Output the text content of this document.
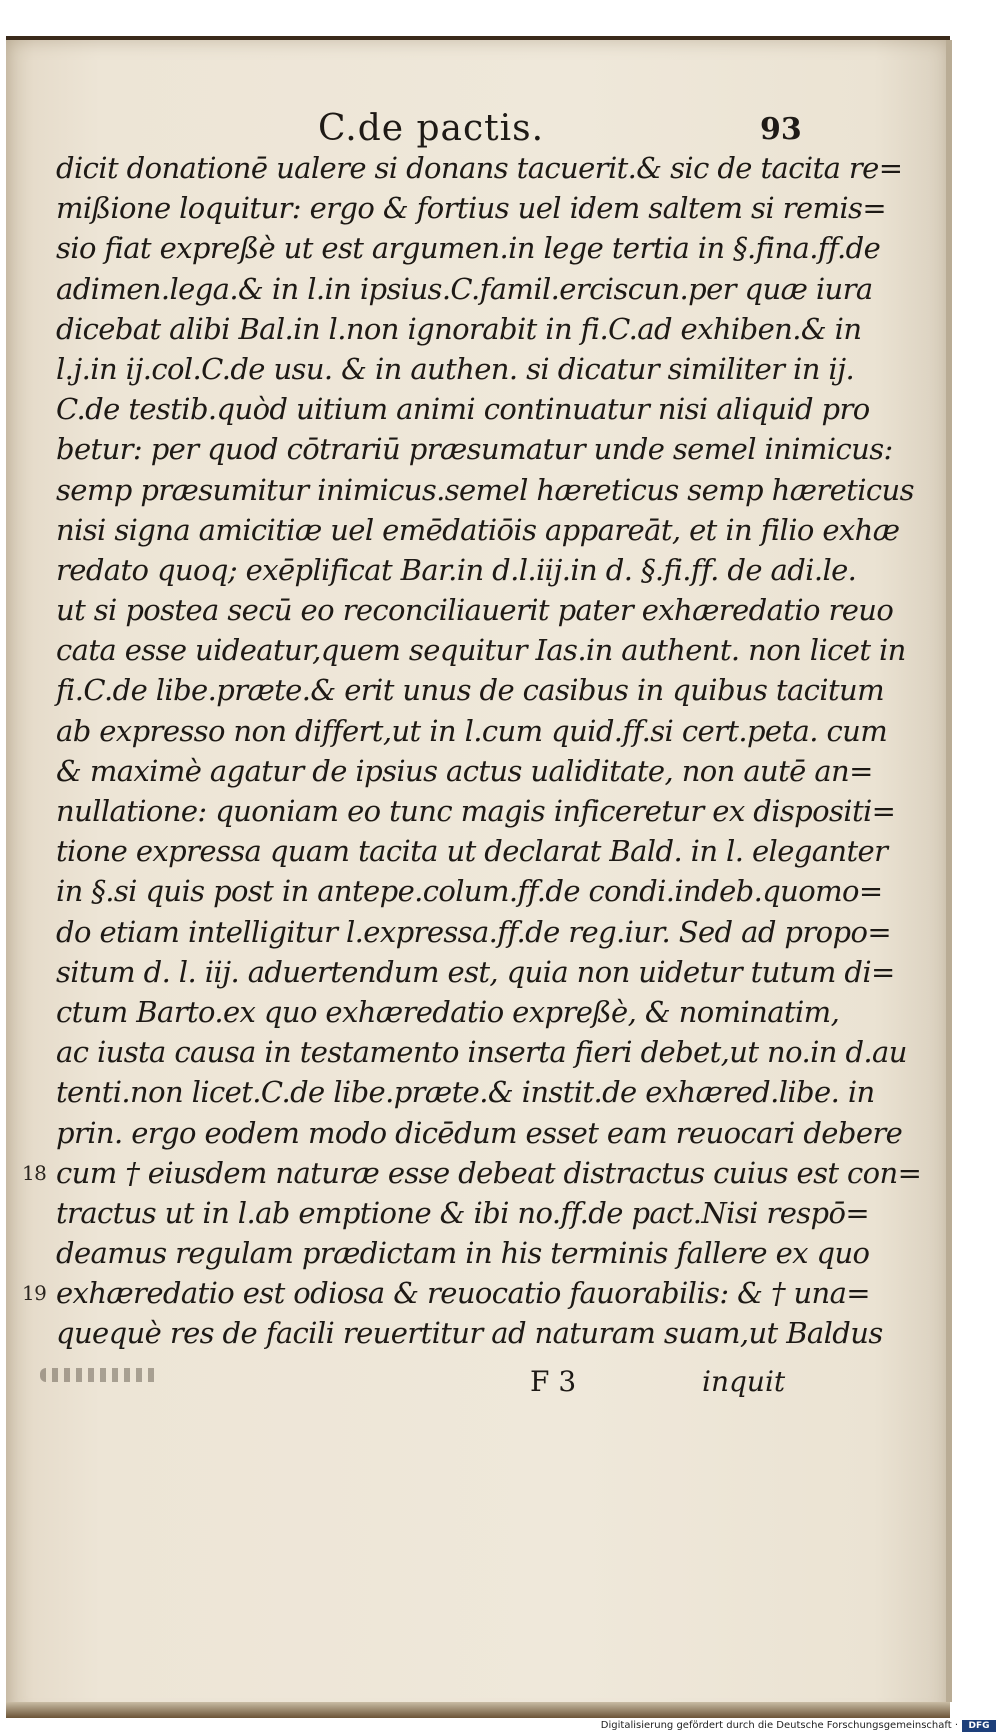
C.de pactis.	93
dicit donationē ualere si donans tacuerit.& sic de tacita re=
mißione loquitur: ergo & fortius uel idem saltem si remis=
sio fiat expreßè ut est argumen.in lege tertia in §.fina.ff.de
adimen.lega.& in l.in ipsius.C.famil.erciscun.per quæ iura
dicebat alibi Bal.in l.non ignorabit in fi.C.ad exhiben.& in
l.j.in ij.col.C.de usu. & in authen. si dicatur similiter in ij.
C.de testib.quòd uitium animi continuatur nisi aliquid pro
betur: per quod cōtrariū præsumatur unde semel inimicus:
semp præsumitur inimicus.semel hæreticus semp hæreticus
nisi signa amicitiæ uel emēdatiōis appareāt, et in filio exhæ
redato quoq; exēplificat Bar.in d.l.iij.in d. §.fi.ff. de adi.le.
ut si postea secū eo reconciliauerit pater exhæredatio reuo
cata esse uideatur,quem sequitur Ias.in authent. non licet in
fi.C.de libe.præte.& erit unus de casibus in quibus tacitum
ab expresso non differt,ut in l.cum quid.ff.si cert.peta. cum
& maximè agatur de ipsius actus ualiditate, non autē an=
nullatione: quoniam eo tunc magis inficeretur ex dispositi=
tione expressa quam tacita ut declarat Bald. in l. eleganter
in §.si quis post in antepe.colum.ff.de condi.indeb.quomo=
do etiam intelligitur l.expressa.ff.de reg.iur. Sed ad propo=
situm d. l. iij. aduertendum est, quia non uidetur tutum di=
ctum Barto.ex quo exhæredatio expreßè, & nominatim,
ac iusta causa in testamento inserta fieri debet,ut no.in d.au
tenti.non licet.C.de libe.præte.& instit.de exhæred.libe. in
prin. ergo eodem modo dicēdum esset eam reuocari debere
cum † eiusdem naturæ esse debeat distractus cuius est con=
18
tractus ut in l.ab emptione & ibi no.ff.de pact.Nisi respō=
deamus regulam prædictam in his terminis fallere ex quo
exhæredatio est odiosa & reuocatio fauorabilis: & † una=
19
quequè res de facili reuertitur ad naturam suam,ut Baldus
F 3	inquit
Digitalisierung gefördert durch die Deutsche Forschungsgemeinschaft ·	DFG
